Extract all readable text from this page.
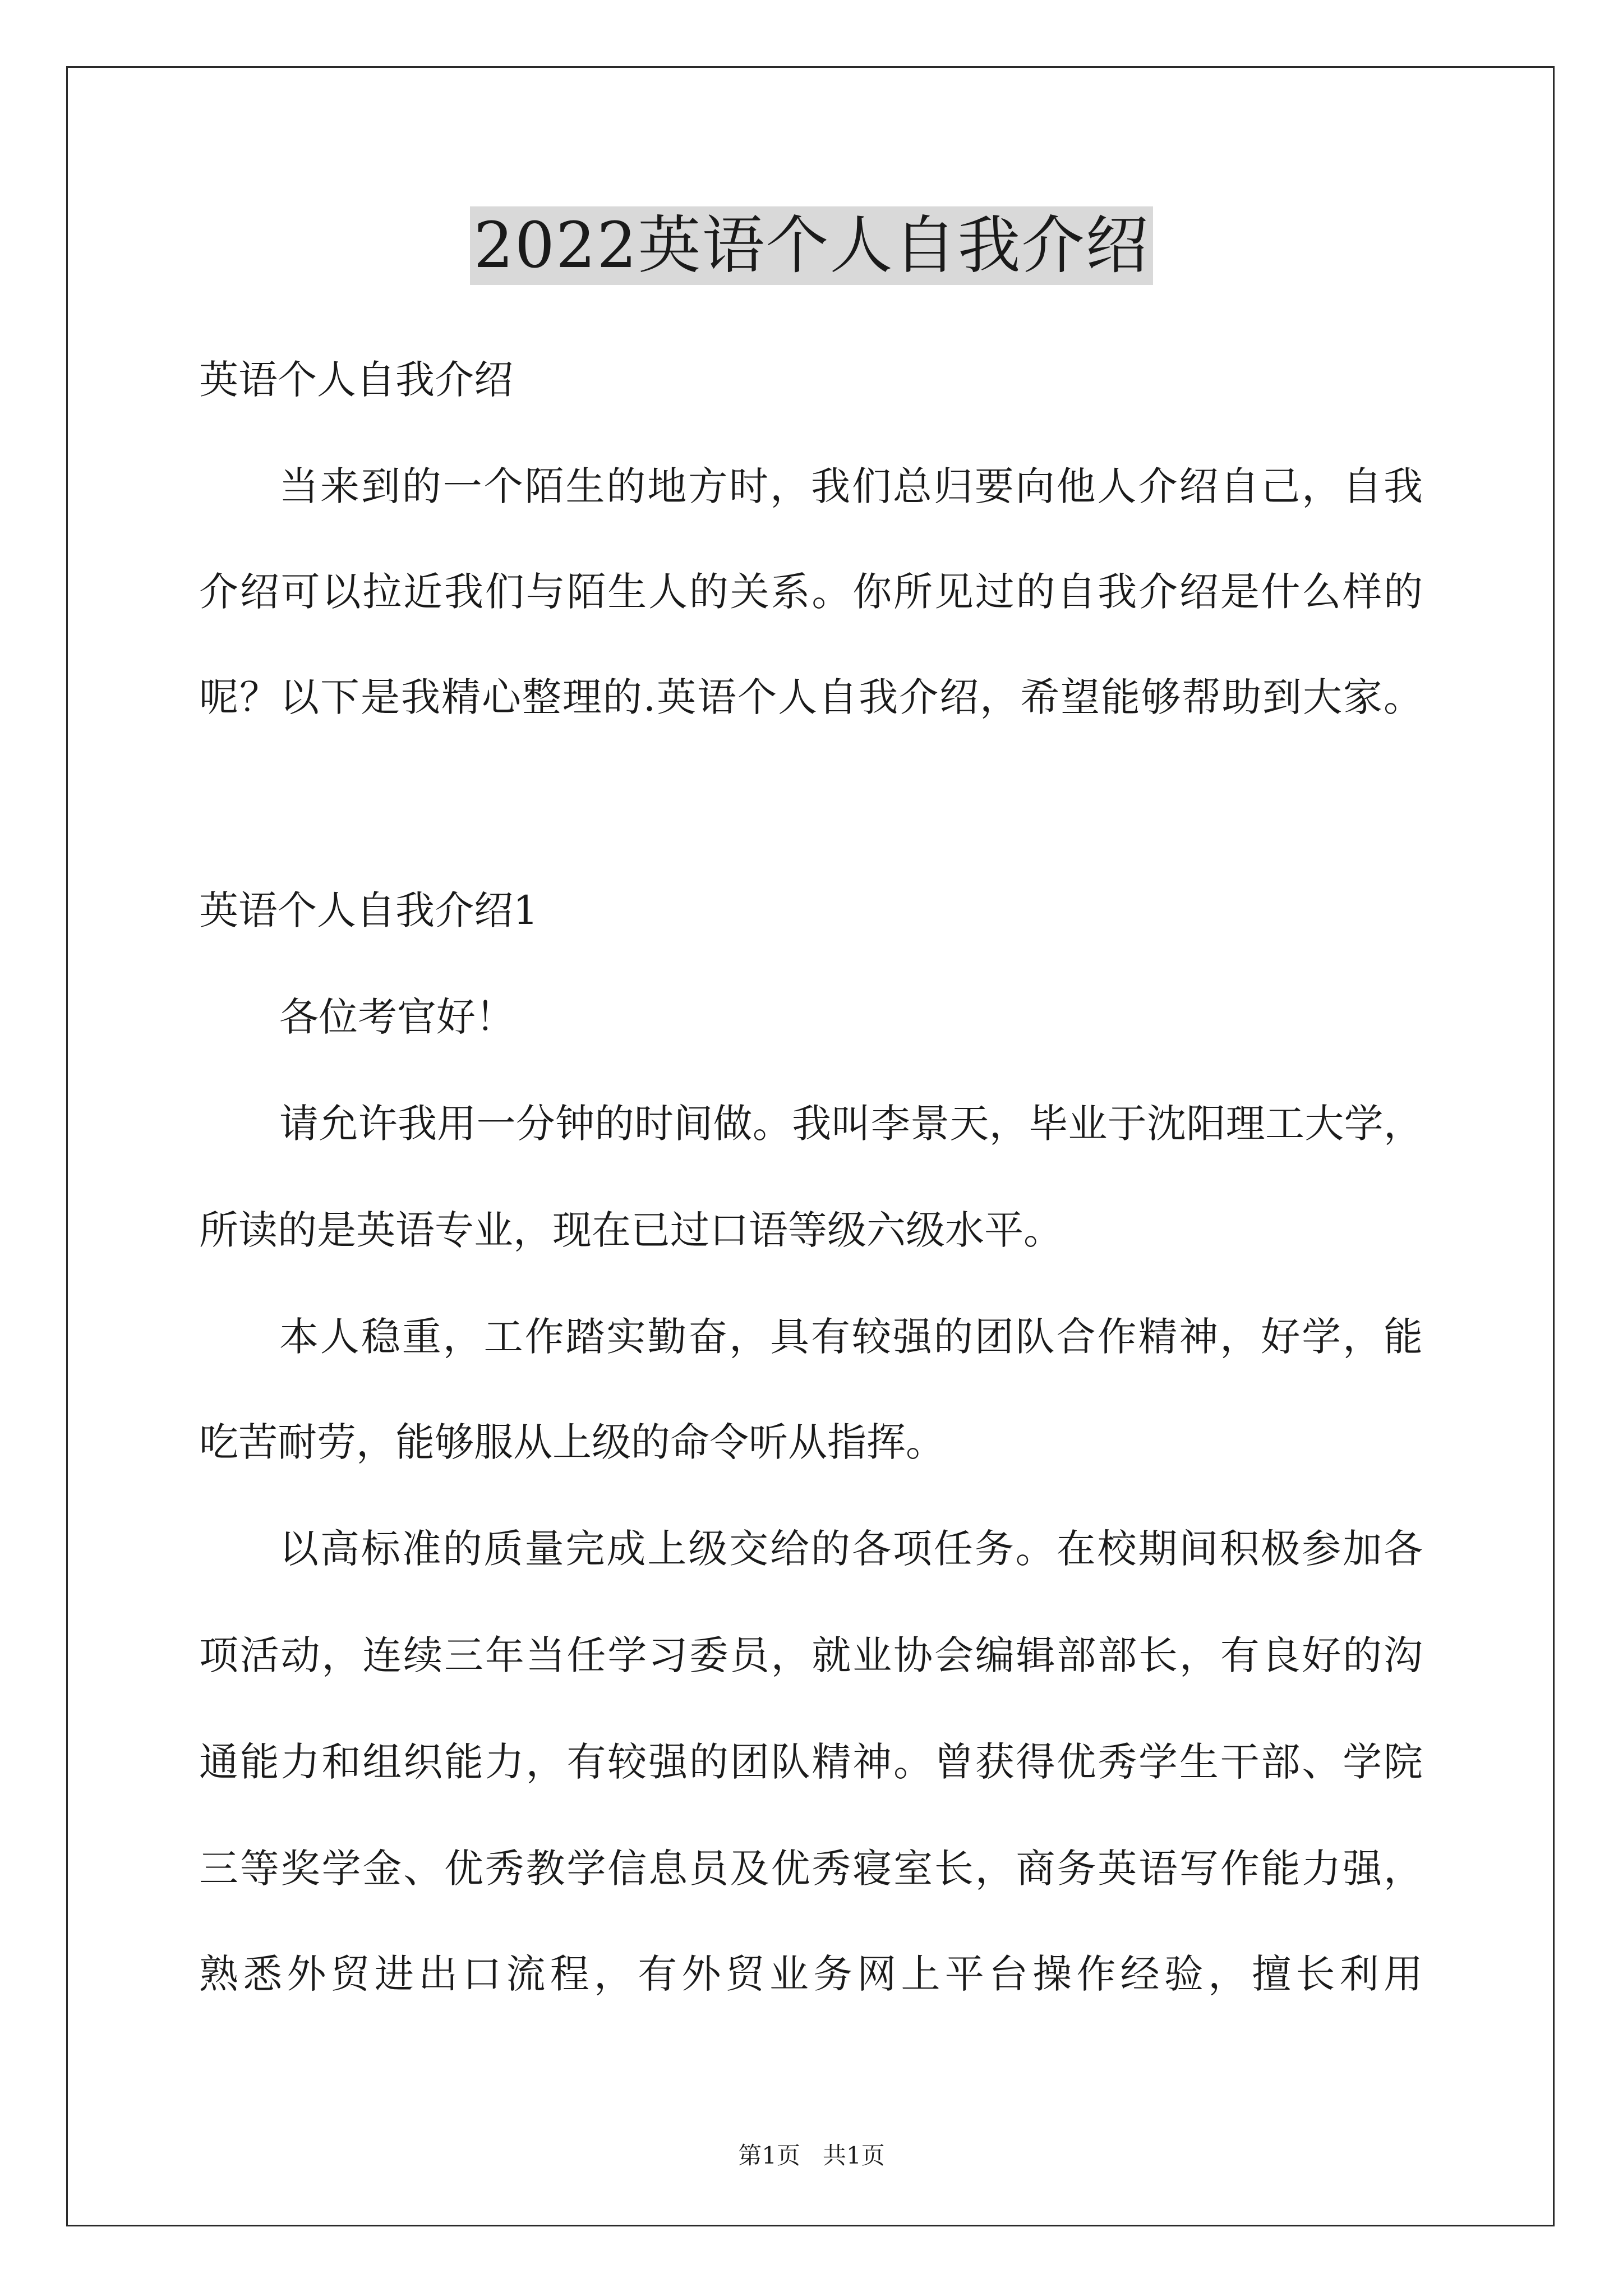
2022英语个人自我介绍
英语个人自我介绍
当来到的一个陌生的地方时，我们总归要向他人介绍自己，自我
介绍可以拉近我们与陌生人的关系。你所见过的自我介绍是什么样的
呢？以下是我精心整理的.英语个人自我介绍，希望能够帮助到大家。
英语个人自我介绍1
各位考官好！
请允许我用一分钟的时间做。我叫李景天，毕业于沈阳理工大学，
所读的是英语专业，现在已过口语等级六级水平。
本人稳重，工作踏实勤奋，具有较强的团队合作精神，好学，能
吃苦耐劳，能够服从上级的命令听从指挥。
以高标准的质量完成上级交给的各项任务。在校期间积极参加各
项活动，连续三年当任学习委员，就业协会编辑部部长，有良好的沟
通能力和组织能力，有较强的团队精神。曾获得优秀学生干部、学院
三等奖学金、优秀教学信息员及优秀寝室长，商务英语写作能力强，
熟悉外贸进出口流程，有外贸业务网上平台操作经验，擅长利用
第1页   共1页
